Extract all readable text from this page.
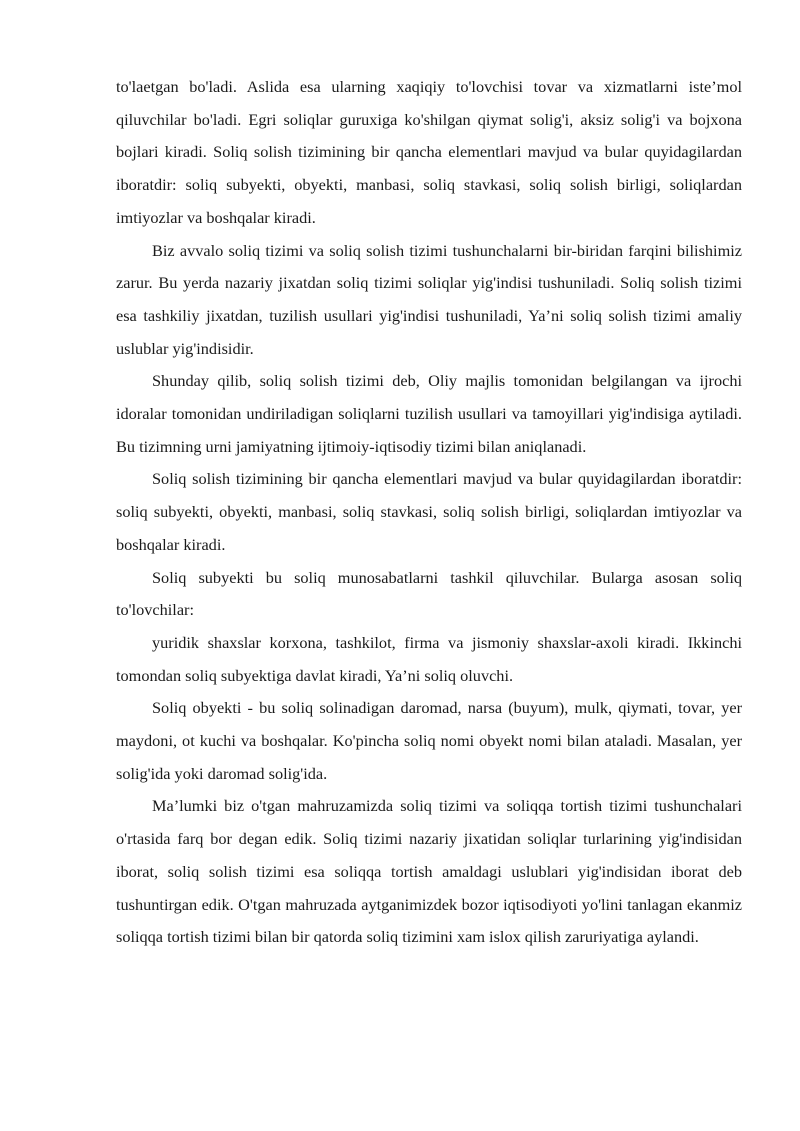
to'laetgan bo'ladi. Aslida esa ularning xaqiqiy to'lovchisi tovar va xizmatlarni iste’mol qiluvchilar bo'ladi. Egri soliqlar guruxiga ko'shilgan qiymat solig'i, aksiz solig'i va bojxona bojlari kiradi. Soliq solish tizimining bir qancha elementlari mavjud va bular quyidagilardan iboratdir: soliq subyekti, obyekti, manbasi, soliq stavkasi, soliq solish birligi, soliqlardan imtiyozlar va boshqalar kiradi.

Biz avvalo soliq tizimi va soliq solish tizimi tushunchalarni bir-biridan farqini bilishimiz zarur. Bu yerda nazariy jixatdan soliq tizimi soliqlar yig'indisi tushuniladi. Soliq solish tizimi esa tashkiliy jixatdan, tuzilish usullari yig'indisi tushuniladi, Ya’ni soliq solish tizimi amaliy uslublar yig'indisidir.

Shunday qilib, soliq solish tizimi deb, Oliy majlis tomonidan belgilangan va ijrochi idoralar tomonidan undiriladigan soliqlarni tuzilish usullari va tamoyillari yig'indisiga aytiladi. Bu tizimning urni jamiyatning ijtimoiy-iqtisodiy tizimi bilan aniqlanadi.

Soliq solish tizimining bir qancha elementlari mavjud va bular quyidagilardan iboratdir: soliq subyekti, obyekti, manbasi, soliq stavkasi, soliq solish birligi, soliqlardan imtiyozlar va boshqalar kiradi.

Soliq subyekti bu soliq munosabatlarni tashkil qiluvchilar. Bularga asosan soliq to'lovchilar:

yuridik shaxslar korxona, tashkilot, firma va jismoniy shaxslar-axoli kiradi. Ikkinchi tomondan soliq subyektiga davlat kiradi, Ya’ni soliq oluvchi.

Soliq obyekti - bu soliq solinadigan daromad, narsa (buyum), mulk, qiymati, tovar, yer maydoni, ot kuchi va boshqalar. Ko'pincha soliq nomi obyekt nomi bilan ataladi. Masalan, yer solig'ida yoki daromad solig'ida.

Ma’lumki biz o'tgan mahruzamizda soliq tizimi va soliqqa tortish tizimi tushunchalari o'rtasida farq bor degan edik. Soliq tizimi nazariy jixatidan soliqlar turlarining yig'indisidan iborat, soliq solish tizimi esa soliqqa tortish amaldagi uslublari yig'indisidan iborat deb tushuntirgan edik. O'tgan mahruzada aytganimizdek bozor iqtisodiyoti yo'lini tanlagan ekanmiz soliqqa tortish tizimi bilan bir qatorda soliq tizimini xam islox qilish zaruriyatiga aylandi.
